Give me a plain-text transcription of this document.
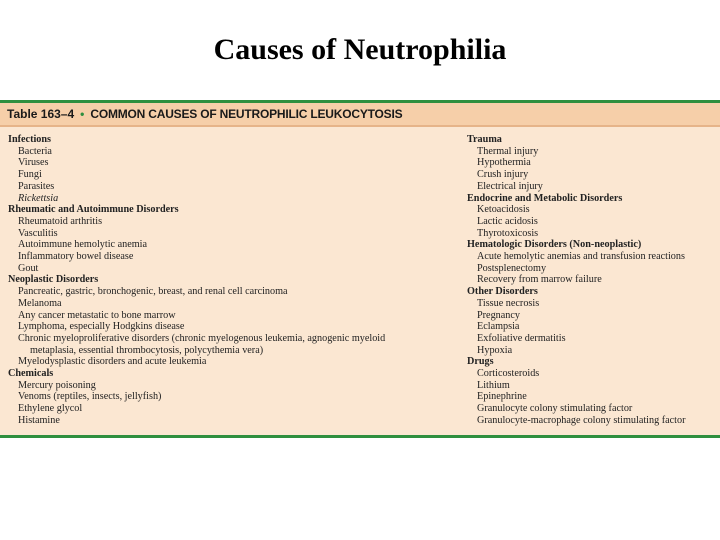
Causes of Neutrophilia
Table 163–4 • COMMON CAUSES OF NEUTROPHILIC LEUKOCYTOSIS
Infections
Bacteria
Viruses
Fungi
Parasites
Rickettsia
Rheumatic and Autoimmune Disorders
Rheumatoid arthritis
Vasculitis
Autoimmune hemolytic anemia
Inflammatory bowel disease
Gout
Neoplastic Disorders
Pancreatic, gastric, bronchogenic, breast, and renal cell carcinoma
Melanoma
Any cancer metastatic to bone marrow
Lymphoma, especially Hodgkins disease
Chronic myeloproliferative disorders (chronic myelogenous leukemia, agnogenic myeloid
metaplasia, essential thrombocytosis, polycythemia vera)
Myelodysplastic disorders and acute leukemia
Chemicals
Mercury poisoning
Venoms (reptiles, insects, jellyfish)
Ethylene glycol
Histamine
Trauma
Thermal injury
Hypothermia
Crush injury
Electrical injury
Endocrine and Metabolic Disorders
Ketoacidosis
Lactic acidosis
Thyrotoxicosis
Hematologic Disorders (Non-neoplastic)
Acute hemolytic anemias and transfusion reactions
Postsplenectomy
Recovery from marrow failure
Other Disorders
Tissue necrosis
Pregnancy
Eclampsia
Exfoliative dermatitis
Hypoxia
Drugs
Corticosteroids
Lithium
Epinephrine
Granulocyte colony stimulating factor
Granulocyte-macrophage colony stimulating factor
